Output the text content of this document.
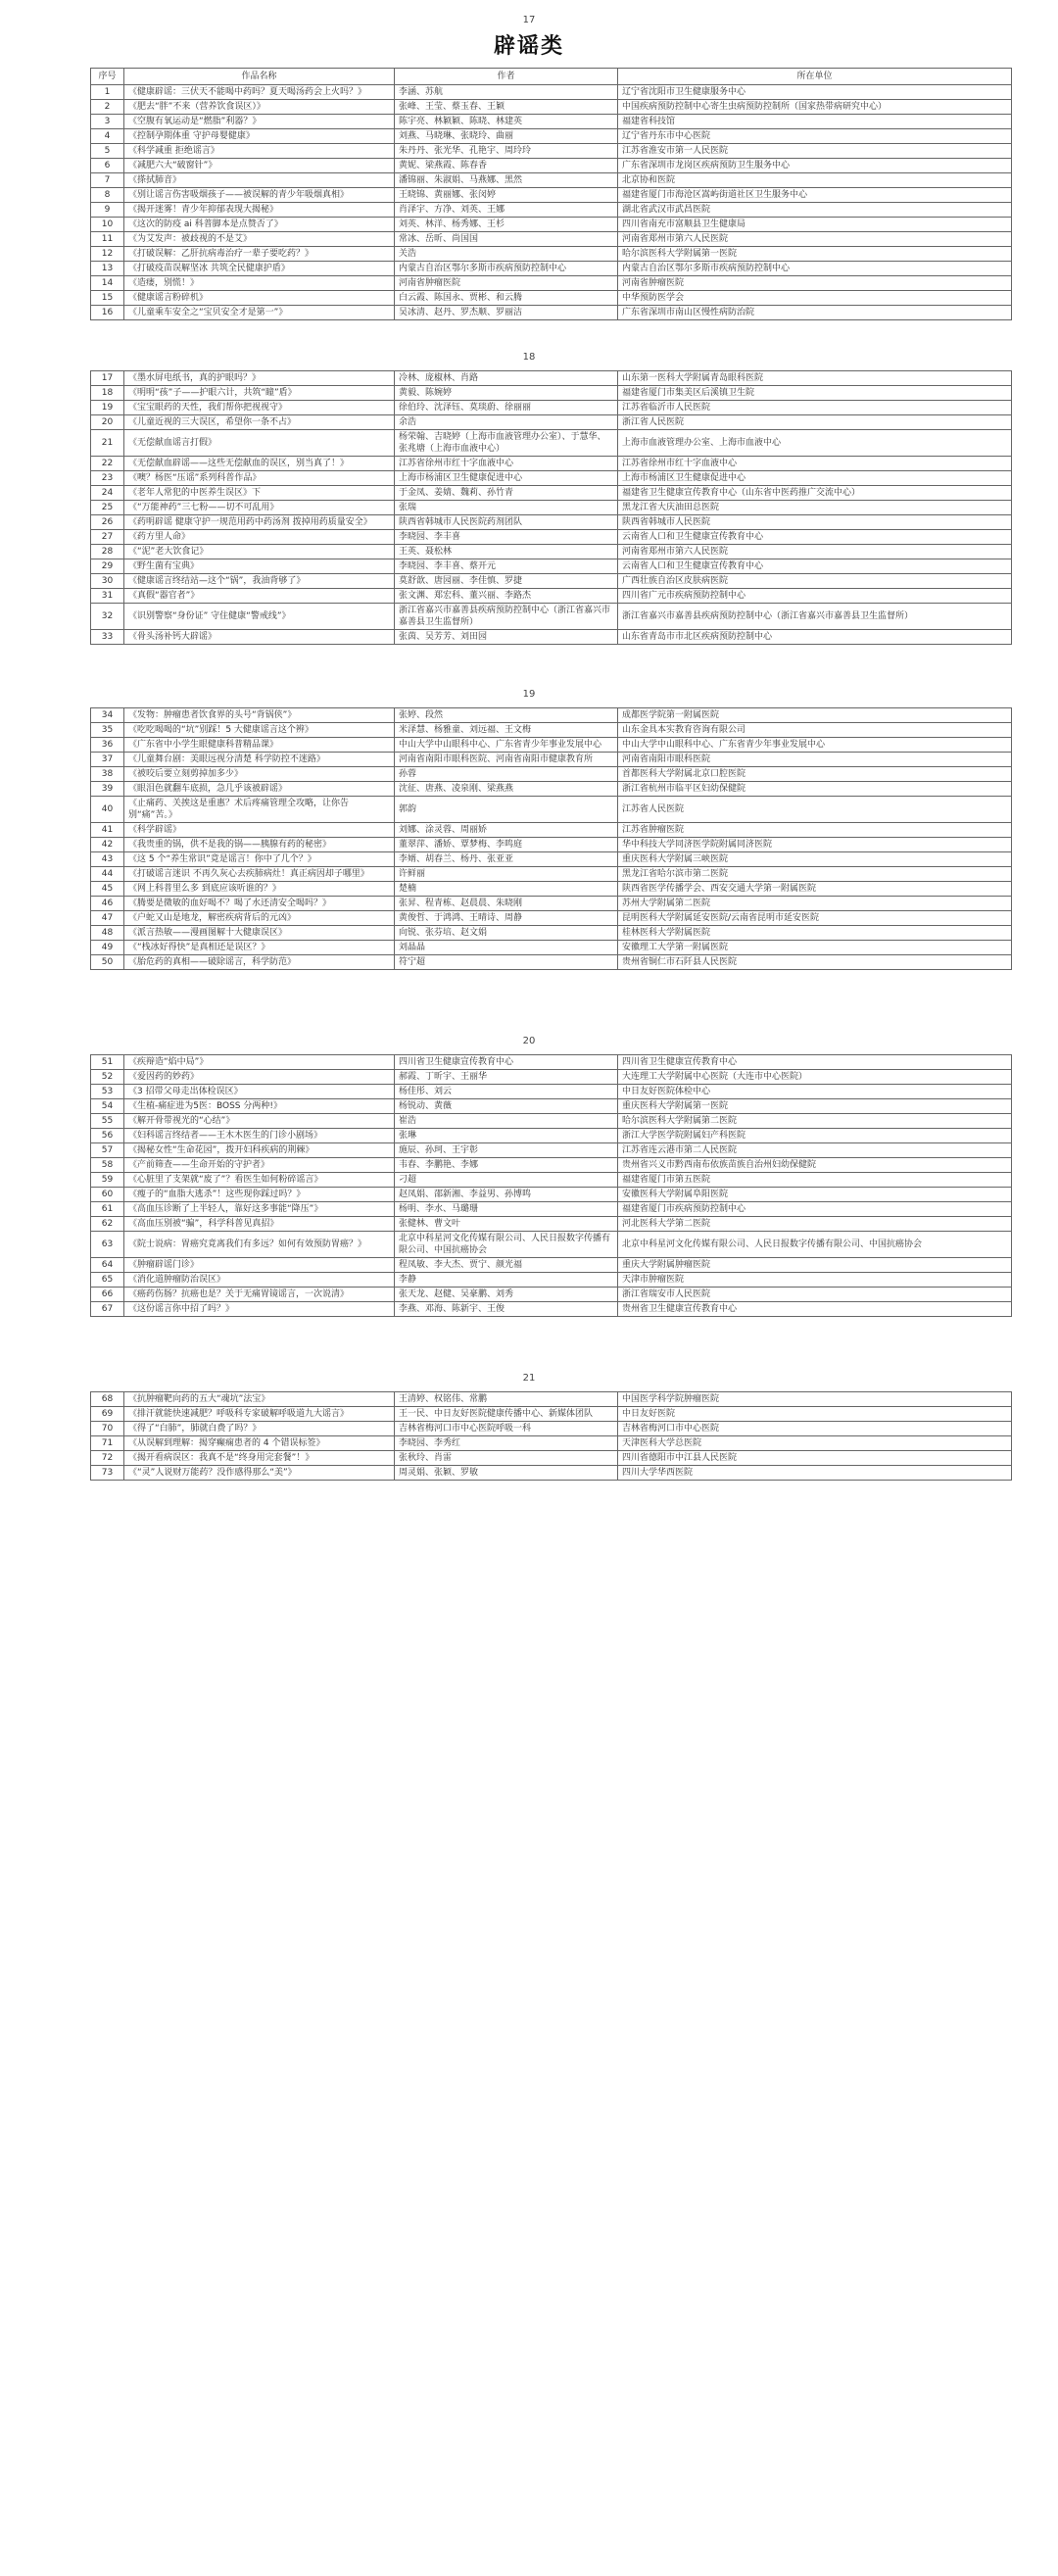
17
辟谣类
序号	作品名称	作者	所在单位
1	《健康辟谣：三伏天不能喝中药吗？夏天喝汤药会上火吗？》	李涵、苏航	辽宁省沈阳市卫生健康服务中心
2	《肥去“胖”不来（营养饮食误区）》	张峰、王莹、蔡玉春、王颖	中国疾病预防控制中心寄生虫病预防控制所（国家热带病研究中心）
3	《空腹有氧运动是“燃脂”利器？》	陈宇亮、林颖颖、陈晓、林建英	福建省科技馆
4	《控制孕期体重 守护母婴健康》	刘燕、马晓琳、张晓玲、曲丽	辽宁省丹东市中心医院
5	《科学减重 拒绝谣言》	朱丹丹、张光华、孔艳宇、周玲玲	江苏省淮安市第一人民医院
6	《减肥六大“破窗针”》	黄妮、梁燕霞、陈春香	广东省深圳市龙岗区疾病预防卫生服务中心
7	《搽拭肺音》	潘锦丽、朱淑娟、马燕娜、黑然	北京协和医院
8	《别让谣言伤害吸烟孩子——被误解的青少年吸烟真相》	王晓锦、黄丽娜、张闵婷	福建省厦门市海沧区嵩屿街道社区卫生服务中心
9	《揭开迷雾！青少年抑郁表现大揭秘》	肖泽宇、方净、刘英、王娜	湖北省武汉市武昌医院
10	《这次的防疫 ai 科普脚本是点赞否了》	刘英、林洋、杨秀娜、王杉	四川省南充市富顺县卫生健康局
11	《为艾发声：被歧视的不是艾》	常冰、岳昕、尚国国	河南省郑州市第六人民医院
12	《打破误解：乙肝抗病毒治疗一辈子要吃药？》	关浩	哈尔滨医科大学附属第一医院
13	《打破疫苗误解坚冰 共筑全民健康护盾》	内蒙古自治区鄂尔多斯市疾病预防控制中心	内蒙古自治区鄂尔多斯市疾病预防控制中心
14	《造瘘，别慌！》	河南省肿瘤医院	河南省肿瘤医院
15	《健康谣言粉碎机》	白云霞、陈国永、贾彬、和云腾	中华预防医学会
16	《儿童乘车安全之“宝贝安全才是第一”》	吴冰清、赵丹、罗杰顺、罗丽洁	广东省深圳市南山区慢性病防治院
18
17	《墨水屏电纸书，真的护眼吗？》	冷林、庞椒林、肖路	山东第一医科大学附属青岛眼科医院
18	《明明“孩”子——护眼六计，共筑“瞳”盾》	黄毅、陈婉婷	福建省厦门市集美区后溪镇卫生院
19	《宝宝眼药的天性，我们帮你把视视守》	徐伯玲、沈泽钰、莫琰蔚、徐丽丽	江苏省临沂市人民医院
20	《儿童近视的三大误区，希望你一条不占》	余浩	浙江省人民医院
21	《无偿献血谣言打假》	杨荣翰、吉晓婷（上海市血液管理办公室）、于慧华、张兆塘（上海市血液中心）	上海市血液管理办公室、上海市血液中心
22	《无偿献血辟谣——这些无偿献血的误区，别当真了！》	江苏省徐州市红十字血液中心	江苏省徐州市红十字血液中心
23	《噢？杨医“压谣”系列科普作品》	上海市杨浦区卫生健康促进中心	上海市杨浦区卫生健康促进中心
24	《老年人常犯的中医养生误区》下	于金凤、姜婧、魏莉、孙竹青	福建省卫生健康宣传教育中心（山东省中医药推广交流中心）
25	《“万能神药”三七粉——切不可乱用》	张瑞	黑龙江省大庆油田总医院
26	《药明辟谣 健康守护一规范用药中药汤剂 拨掉用药质量安全》	陕西省韩城市人民医院药剂团队	陕西省韩城市人民医院
27	《药方里人命》	李晓园、李丰喜	云南省人口和卫生健康宣传教育中心
28	《“泥”老大饮食记》	王英、聂松林	河南省郑州市第六人民医院
29	《野生菌有宝典》	李晓园、李丰喜、蔡开元	云南省人口和卫生健康宣传教育中心
30	《健康谣言终结站—这个“锅”，我油背够了》	莫舒歆、唐园丽、李佳慎、罗捷	广西壮族自治区皮肤病医院
31	《真假“器官者”》	张文渊、郑宏科、董兴丽、李路杰	四川省广元市疾病预防控制中心
32	《识别警察“身份证” 守住健康“警戒线”》	浙江省嘉兴市嘉善县疾病预防控制中心（浙江省嘉兴市嘉善县卫生监督所）	浙江省嘉兴市嘉善县疾病预防控制中心（浙江省嘉兴市嘉善县卫生监督所）
33	《骨头汤补钙大辟谣》	张茵、吴芳芳、刘田园	山东省青岛市市北区疾病预防控制中心
19
34	《发物：肿瘤患者饮食界的头号“背锅侠”》	张婷、段然	成都医学院第一附属医院
35	《吃吃喝喝的“坑”别踩！5 大健康谣言这个辨》	米泽慧、杨雅童、刘远福、王文梅	山东金具本实教育咨询有限公司
36	《广东省中小学生眼健康科普精品课》	中山大学中山眼科中心、广东省青少年事业发展中心	中山大学中山眼科中心、广东省青少年事业发展中心
37	《儿童舞台剧：美眼远视分清楚 科学防控不迷路》	河南省南阳市眼科医院、河南省南阳市健康教育所	河南省南阳市眼科医院
38	《被咬后要立刻剪掉加多少》	孙蓉	首都医科大学附属北京口腔医院
39	《眼泪色就翻车底损，急几乎该被辟谣》	沈征、唐燕、凌泉刚、梁燕燕	浙江省杭州市临平区妇幼保健院
40	《止痛药、关挨这是重惠？术后疼痛管理全攻略，让你告别“痛”苦。》	郭韵	江苏省人民医院
41	《科学辟谣》	刘娜、涂灵蓉、周丽娇	江苏省肿瘤医院
42	《我贵重的锅，供不是我的锅——胰腺有药的秘密》	董翠萍、潘娇、覃梦梅、李鸣庭	华中科技大学同济医学院附属同济医院
43	《这 5 个“养生常识”竟是谣言！你中了几个？》	李婿、胡春兰、杨丹、张亚亚	重庆医科大学附属三峡医院
44	《打破谣言迷识 不再久灰心去疾肺病灶！真正病因却子哪里》	许鲜丽	黑龙江省哈尔滨市第二医院
45	《网上科普里么多 到底应该听谁的？》	楚楠	陕西省医学传播学会、西安交通大学第一附属医院
46	《腾要是微敏的血好喝不？喝了水还清安全喝吗？》	张昇、程青栋、赵晨晨、朱晓刚	苏州大学附属第二医院
47	《户蛇又山是地龙，解密疾病背后的元凶》	黄俊哲、于鸿鸿、王晴诗、周静	昆明医科大学附属延安医院/云南省昆明市延安医院
48	《派言热敏——漫画图解十大健康误区》	向锐、张芬培、赵文娟	桂林医科大学附属医院
49	《“栈冰好得快”是真相还是误区？》	刘晶晶	安徽理工大学第一附属医院
50	《胎危药的真相——破除谣言，科学防范》	符宁超	贵州省铜仁市石阡县人民医院
20
51	《疾辩造“焰中局”》	四川省卫生健康宣传教育中心	四川省卫生健康宣传教育中心
52	《爱因药的妙药》	郝霞、丁昕宇、王丽华	大连理工大学附属中心医院（大连市中心医院）
53	《3 招带父母走出体检误区》	杨佳彤、刘云	中日友好医院体检中心
54	《生植-痛症进为5医：BOSS 分两种!》	杨锐动、黄薇	重庆医科大学附属第一医院
55	《解开骨带视光的“心结”》	崔浩	哈尔滨医科大学附属第二医院
56	《妇科谣言终结者——王木木医生的门诊小剧场》	张琳	浙江大学医学院附属妇产科医院
57	《揭秘女性“生命花园”，拨开妇科疾病的荆棘》	施辰、孙珂、王宇彰	江苏省连云港市第二人民医院
58	《产前筛查——生命开始的守护者》	韦春、李鹏艳、李娜	贵州省兴义市黔西南布依族苗族自治州妇幼保健院
59	《心脏里了支架就“废了”？看医生如何粉碎谣言》	刁超	福建省厦门市第五医院
60	《瘦子的“血脂大逃杀”！这些现你踩过吗？》	赵凤娟、邵新湘、李益男、孙博鸣	安徽医科大学附属阜阳医院
61	《高血压诊断了上半轻人，靠好这多事能“降压”》	杨明、李水、马璐珊	福建省厦门市疾病预防控制中心
62	《高血压别被“骗”，科学科普见真招》	张健林、曹文叶	河北医科大学第二医院
63	《院士说病：胃癌究竟离我们有多远？如何有效预防胃癌？》	北京中科星河文化传媒有限公司、人民日报数字传播有限公司、中国抗癌协会	北京中科星河文化传媒有限公司、人民日报数字传播有限公司、中国抗癌协会
64	《肿瘤辟谣门诊》	程凤敏、李大杰、贾宁、颜光福	重庆大学附属肿瘤医院
65	《消化道肿瘤防治误区》	李静	天津市肿瘤医院
66	《癌药伤肠？抗癌也是？关于无痛胃镜谣言，一次说清》	张天龙、赵健、吴豪鹏、刘秀	浙江省瑞安市人民医院
67	《这份谣言你中招了吗？》	李燕、邓海、陈新宇、王俊	贵州省卫生健康宣传教育中心
21
68	《抗肿瘤靶向药的五大“魂坑”法宝》	王清婷、权铭伟、常鹏	中国医学科学院肿瘤医院
69	《排汗就能快速减肥？呼吸科专家破解呼吸道九大谣言》	王一民、中日友好医院健康传播中心、新媒体团队	中日友好医院
70	《得了“白肺”，肺就白费了吗？》	吉林省梅河口市中心医院呼吸一科	吉林省梅河口市中心医院
71	《从误解到理解：揭穿癫痫患者的 4 个错误标签》	李晓园、李秀红	天津医科大学总医院
72	《揭开看病误区：我真不是“终身用完套餐”！》	张秋玲、肖雷	四川省德阳市中江县人民医院
73	《“灵”人说财万能药？没作感得那么“美”》	周灵娟、张颖、罗敏	四川大学华西医院
